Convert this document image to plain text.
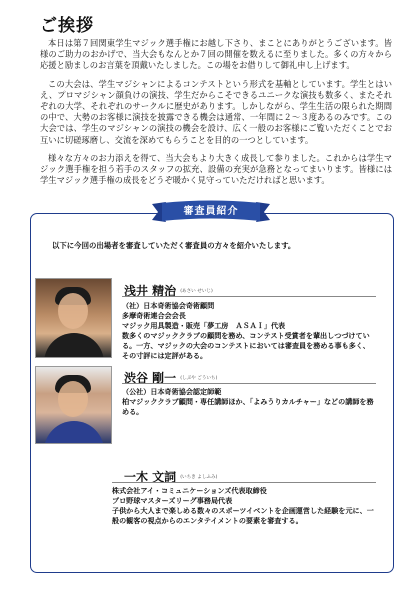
ご挨拶

本日は第７回関東学生マジック選手権にお越し下さり、まことにありがとうございます。皆様のご助力のおかげで、当大会もなんとか７回の開催を数えるに至りました。多くの方々から応援と励ましのお言葉を頂戴いたしました。この場をお借りして御礼申し上げます。

この大会は、学生マジシャンによるコンテストという形式を基軸としています。学生とはいえ、プロマジシャン顔負けの演技、学生だからこそできるユニークな演技も数多く、またそれぞれの大学、それぞれのサークルに歴史があります。しかしながら、学生生活の限られた期間の中で、大勢のお客様に演技を披露できる機会は通常、一年間に２～３度あるのみです。この大会では、学生のマジシャンの演技の機会を設け、広く一般のお客様にご覧いただくことでお互いに切磋琢磨し、交流を深めてもらうことを目的の一つとしています。

様々な方々のお力添えを得て、当大会もより大きく成長して参りました。これからは学生マジック選手権を担う若手のスタッフの拡充、設備の充実が急務となってまいります。皆様には学生マジック選手権の成長をどうぞ暖かく見守っていただければと思います。

審査員紹介
以下に今回の出場者を審査していただく審査員の方々を紹介いたします。
浅井 精治 (あさい せいじ)
（社）日本奇術協会奇術顧問
多摩奇術連合会会長
マジック用具製造・販売「夢工房　ＡＳＡＩ」代表
数多くのマジッククラブの顧問を務め、コンテスト受賞者を輩出しつづけている。一方、マジックの大会のコンテストにおいては審査員を務める事も多く、その寸評には定評がある。
渋谷 剛一 (しぶや ごういち)
（公社）日本奇術協会認定師範
柏マジッククラブ顧問・専任講師ほか、「よみうりカルチャー」などの講師を務める。
一木 文詞 (いちき よしふみ)
株式会社アイ・コミュニケーションズ代表取締役
プロ野球マスターズリーグ事務局代表
子供から大人まで楽しめる数々のスポーツイベントを企画運営した経験を元に、一般の観客の視点からのエンタテイメントの要素を審査する。
